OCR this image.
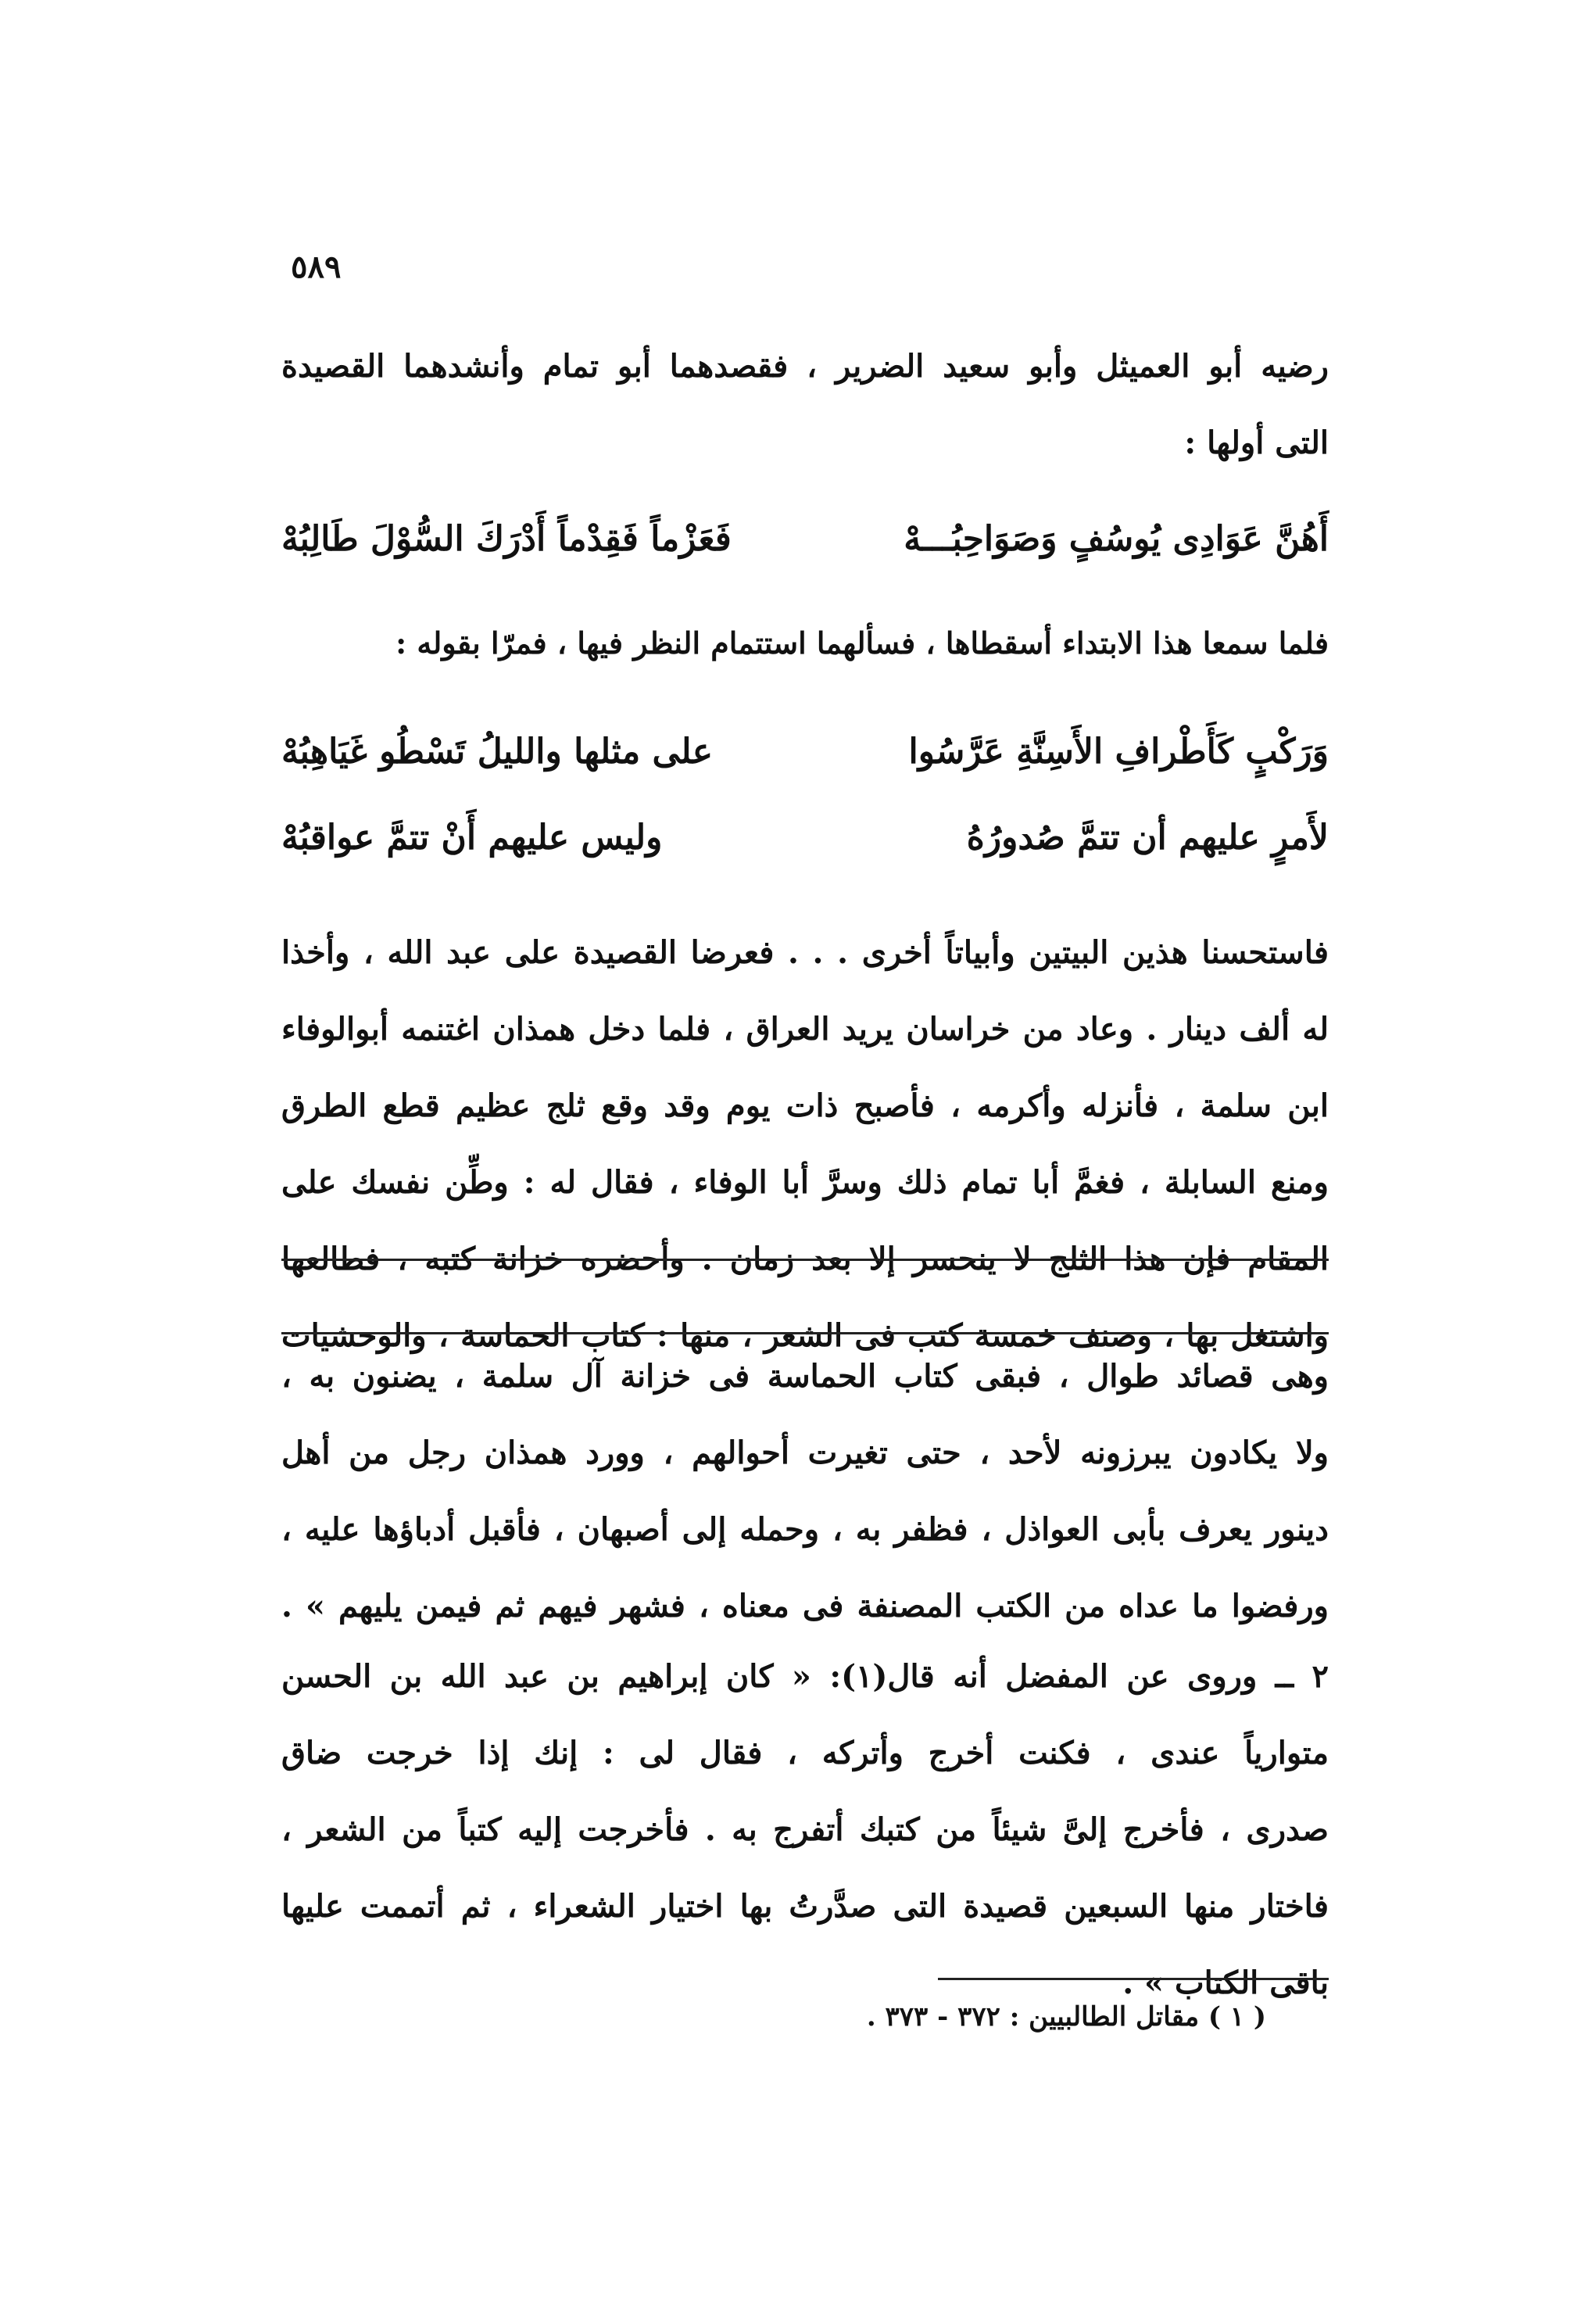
٥٨٩
رضيه أبو العميثل وأبو سعيد الضرير ، فقصدهما أبو تمام وأنشدهما القصيدة
التى أولها :
أَهُنَّ عَوَادِى يُوسُفٍ وَصَوَاحِبُـــهْ
فَعَزْماً فَقِدْماً أَدْرَكَ السُّوْلَ طَالِبُهْ
فلما سمعا هذا الابتداء أسقطاها ، فسألهما استتمام النظر فيها ، فمرّا بقوله :
وَرَكْبٍ كَأَطْرافِ الأَسِنَّةِ عَرَّسُوا
على مثلها والليلُ تَسْطُو غَيَاهِبُهْ
لأَمرٍ عليهم أن تتمَّ صُدورُهُ
وليس عليهم أَنْ تتمَّ عواقبُهْ
فاستحسنا هذين البيتين وأبياتاً أخرى . . . فعرضا القصيدة على عبد الله ، وأخذا
له ألف دينار . وعاد من خراسان يريد العراق ، فلما دخل همذان اغتنمه أبوالوفاء
ابن سلمة ، فأنزله وأكرمه ، فأصبح ذات يوم وقد وقع ثلج عظيم قطع الطرق
ومنع السابلة ، فغمَّ أبا تمام ذلك وسرَّ أبا الوفاء ، فقال له : وطِّن نفسك على
المقام فإن هذا الثلج لا ينحسر إلا بعد زمان . وأحضره خزانة كتبه ، فطالعها
واشتغل بها ، وصنف خمسة كتب فى الشعر ، منها : كتاب الحماسة ، والوحشيات
وهى قصائد طوال ، فبقى كتاب الحماسة فى خزانة آل سلمة ، يضنون به ،
ولا يكادون يبرزونه لأحد ، حتى تغيرت أحوالهم ، وورد همذان رجل من أهل
دينور يعرف بأبى العواذل ، فظفر به ، وحمله إلى أصبهان ، فأقبل أدباؤها عليه ،
ورفضوا ما عداه من الكتب المصنفة فى معناه ، فشهر فيهم ثم فيمن يليهم » .
٢ ــ وروى عن المفضل أنه قال(١): « كان إبراهيم بن عبد الله بن الحسن
متوارياً عندى ، فكنت أخرج وأتركه ، فقال لى : إنك إذا خرجت ضاق
صدرى ، فأخرج إلىَّ شيئاً من كتبك أتفرج به . فأخرجت إليه كتباً من الشعر ،
فاختار منها السبعين قصيدة التى صدَّرتُ بها اختيار الشعراء ، ثم أتممت عليها
باقى الكتاب » .
( ١ ) مقاتل الطالبيين : ٣٧٢ - ٣٧٣ .
